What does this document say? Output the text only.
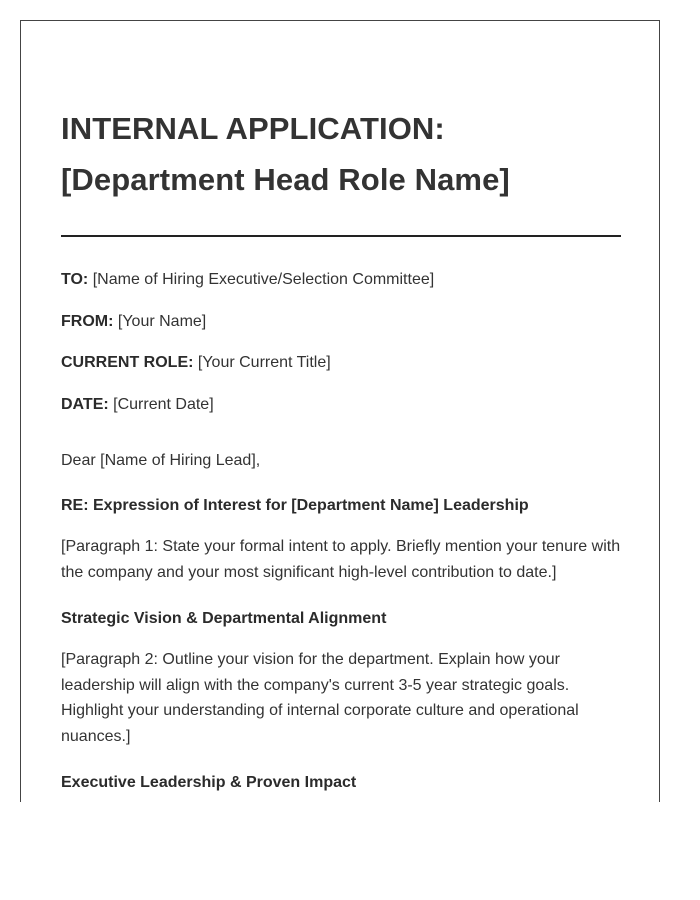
INTERNAL APPLICATION:
[Department Head Role Name]
TO: [Name of Hiring Executive/Selection Committee]
FROM: [Your Name]
CURRENT ROLE: [Your Current Title]
DATE: [Current Date]

Dear [Name of Hiring Lead],

RE: Expression of Interest for [Department Name] Leadership

[Paragraph 1: State your formal intent to apply. Briefly mention your tenure with the company and your most significant high-level contribution to date.]

Strategic Vision & Departmental Alignment

[Paragraph 2: Outline your vision for the department. Explain how your leadership will align with the company's current 3-5 year strategic goals. Highlight your understanding of internal corporate culture and operational nuances.]

Executive Leadership & Proven Impact
